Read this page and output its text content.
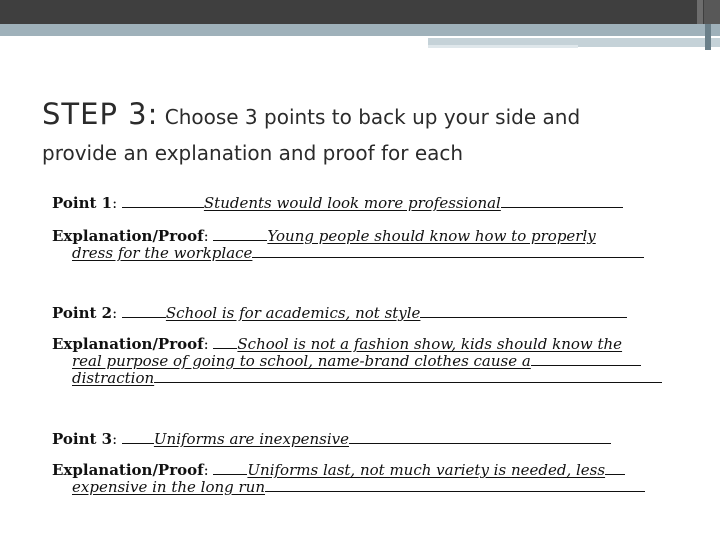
STEP 3: Choose 3 points to back up your side and
provide an explanation and proof for each
Point 1:	Students would look more professional
Explanation/Proof:	Young people should know how to properly
dress for the workplace
Point 2:	School is for academics, not style
Explanation/Proof: School is not a fashion show, kids should know the
real purpose of going to school, name-brand clothes cause a
distraction
Point 3: Uniforms are inexpensive
Explanation/Proof: Uniforms last, not much variety is needed, less
expensive in the long run
